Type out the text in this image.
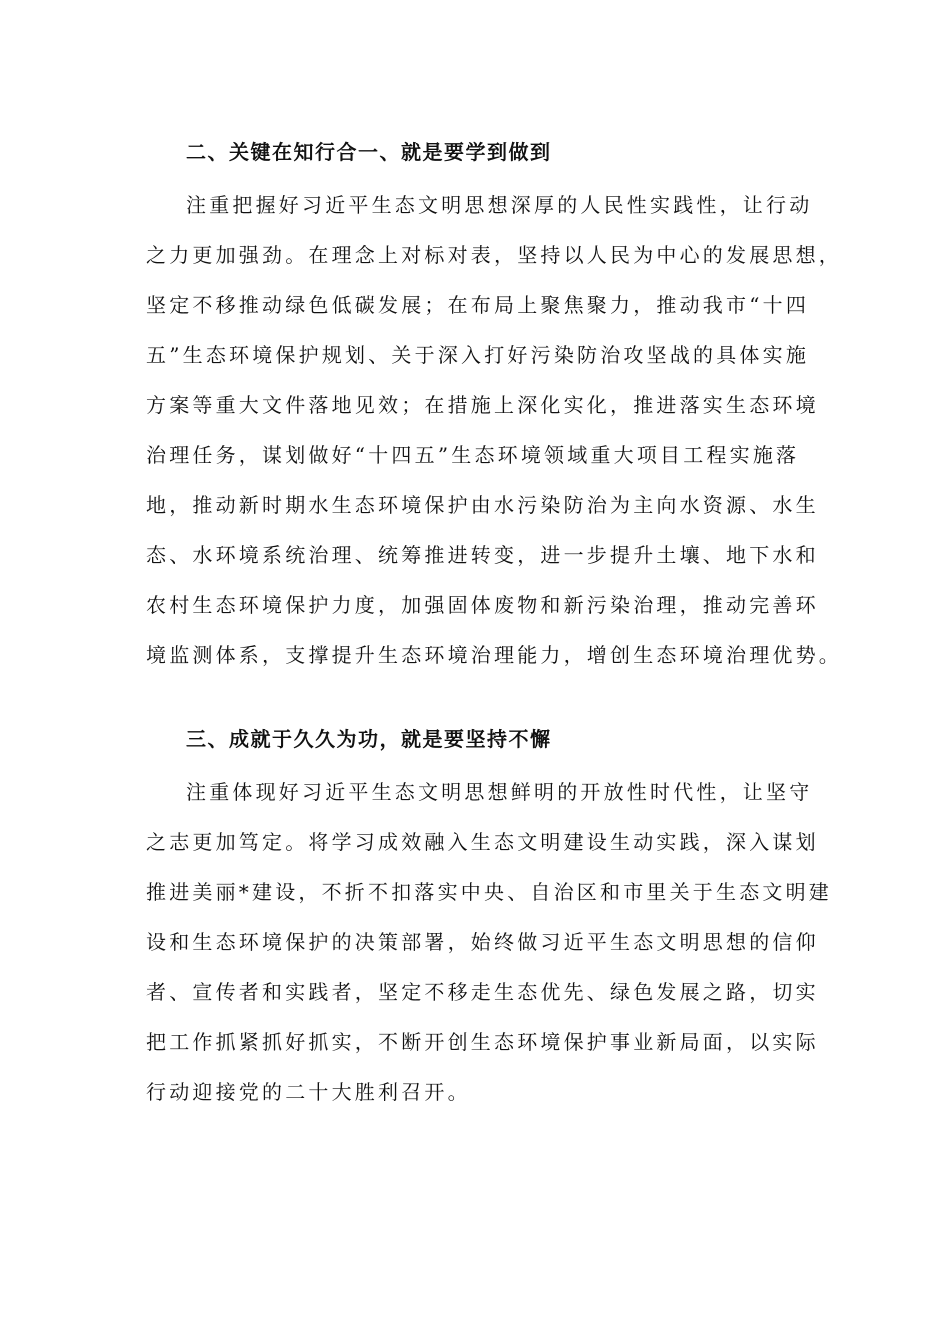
二、关键在知行合一、就是要学到做到

注重把握好习近平生态文明思想深厚的人民性实践性，让行动
之力更加强劲。在理念上对标对表，坚持以人民为中心的发展思想，
坚定不移推动绿色低碳发展；在布局上聚焦聚力，推动我市“十四
五”生态环境保护规划、关于深入打好污染防治攻坚战的具体实施
方案等重大文件落地见效；在措施上深化实化，推进落实生态环境
治理任务，谋划做好“十四五”生态环境领域重大项目工程实施落
地，推动新时期水生态环境保护由水污染防治为主向水资源、水生
态、水环境系统治理、统筹推进转变，进一步提升土壤、地下水和
农村生态环境保护力度，加强固体废物和新污染治理，推动完善环
境监测体系，支撑提升生态环境治理能力，增创生态环境治理优势。

三、成就于久久为功，就是要坚持不懈

注重体现好习近平生态文明思想鲜明的开放性时代性，让坚守
之志更加笃定。将学习成效融入生态文明建设生动实践，深入谋划
推进美丽*建设，不折不扣落实中央、自治区和市里关于生态文明建
设和生态环境保护的决策部署，始终做习近平生态文明思想的信仰
者、宣传者和实践者，坚定不移走生态优先、绿色发展之路，切实
把工作抓紧抓好抓实，不断开创生态环境保护事业新局面，以实际
行动迎接党的二十大胜利召开。
